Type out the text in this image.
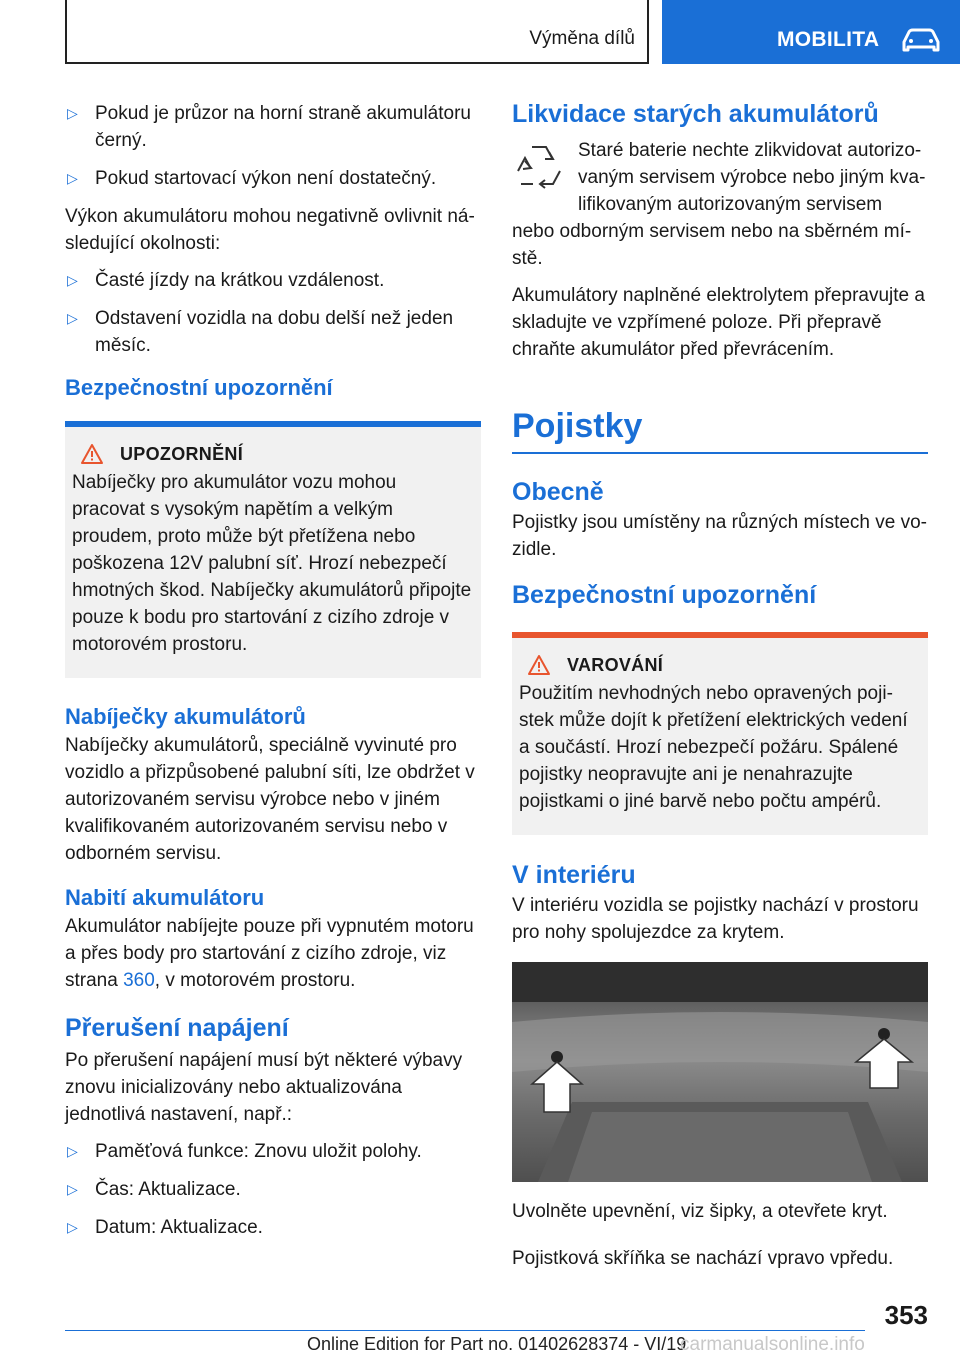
Výměna dílů	MOBILITA
▷ Pokud je průzor na horní straně akumulátoru černý.
▷ Pokud startovací výkon není dostatečný.

Výkon akumulátoru mohou negativně ovlivnit následující okolnosti:

▷ Časté jízdy na krátkou vzdálenost.
▷ Odstavení vozidla na dobu delší než jeden měsíc.
Bezpečnostní upozornění
UPOZORNĚNÍ

Nabíječky pro akumulátor vozu mohou pracovat s vysokým napětím a velkým proudem, proto může být přetížena nebo poškozena 12V palubní síť. Hrozí nebezpečí hmotných škod. Nabíječky akumulátorů připojte pouze k bodu pro startování z cizího zdroje v motorovém prostoru.

Nabíječky akumulátorů

Nabíječky akumulátorů, speciálně vyvinuté pro vozidlo a přizpůsobené palubní síti, lze obdržet v autorizovaném servisu výrobce nebo v jiném kvalifikovaném autorizovaném servisu nebo v odborném servisu.

Nabití akumulátoru

Akumulátor nabíjejte pouze při vypnutém motoru a přes body pro startování z cizího zdroje, viz strana 360, v motorovém prostoru.

Přerušení napájení

Po přerušení napájení musí být některé výbavy znovu inicializovány nebo aktualizována jednotlivá nastavení, např.:

▷ Paměťová funkce: Znovu uložit polohy.
▷ Čas: Aktualizace.
▷ Datum: Aktualizace.
Likvidace starých akumulátorů

Staré baterie nechte zlikvidovat autorizovaným servisem výrobce nebo jiným kvalifikovaným autorizovaným servisem nebo odborným servisem nebo na sběrném místě.

Akumulátory naplněné elektrolytem přepravujte a skladujte ve vzpřímené poloze. Při přepravě chraňte akumulátor před převrácením.

Pojistky
Obecně

Pojistky jsou umístěny na různých místech ve vozidle.

Bezpečnostní upozornění
VAROVÁNÍ

Použitím nevhodných nebo opravených pojistek může dojít k přetížení elektrických vedení a součástí. Hrozí nebezpečí požáru. Spálené pojistky neopravujte ani je nenahrazujte pojistkami o jiné barvě nebo počtu ampérů.

V interiéru

V interiéru vozidla se pojistky nachází v prostoru pro nohy spolujezdce za krytem.

Uvolněte upevnění, viz šipky, a otevřete kryt.

Pojistková skříňka se nachází vpravo vpředu.

353
Online Edition for Part no. 01402628374 - VI/19
carmanualsonline.info
